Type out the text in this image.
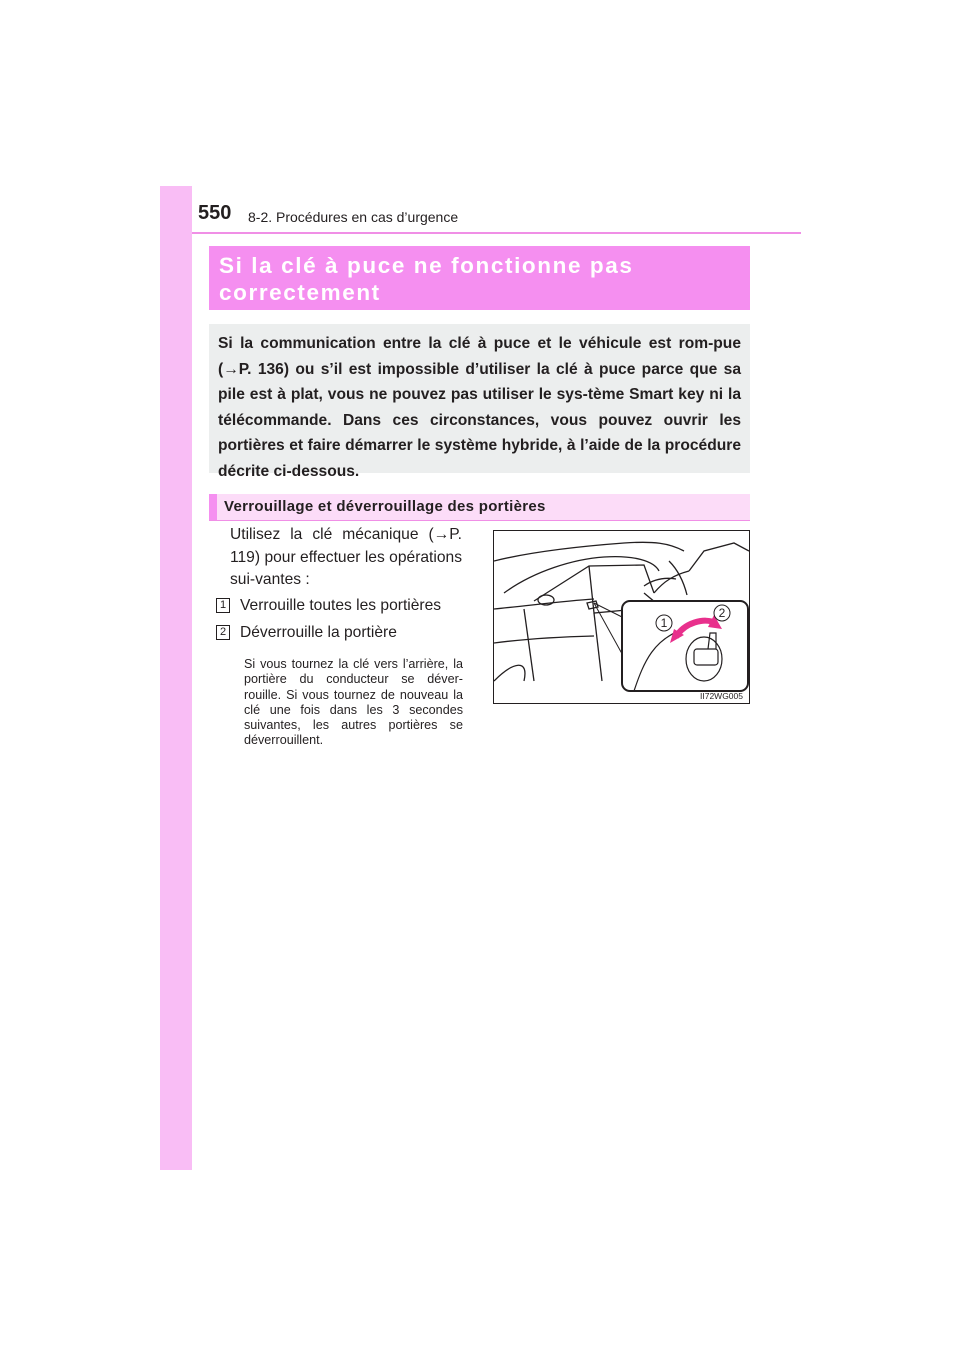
550 8-2. Procédures en cas d’urgence
Si la clé à puce ne fonctionne pas
correctement
Si la communication entre la clé à puce et le véhicule est rom-pue (→P. 136) ou s’il est impossible d’utiliser la clé à puce parce que sa pile est à plat, vous ne pouvez pas utiliser le sys-tème Smart key ni la télécommande. Dans ces circonstances, vous pouvez ouvrir les portières et faire démarrer le système hybride, à l’aide de la procédure décrite ci-dessous.
Verrouillage et déverrouillage des portières
Utilisez la clé mécanique (→P. 119) pour effectuer les opérations sui-vantes :
1 Verrouille toutes les portières
2 Déverrouille la portière
Si vous tournez la clé vers l’arrière, la portière du conducteur se déver-rouille. Si vous tournez de nouveau la clé une fois dans les 3 secondes suivantes, les autres portières se déverrouillent.
1
2
II72WG005
